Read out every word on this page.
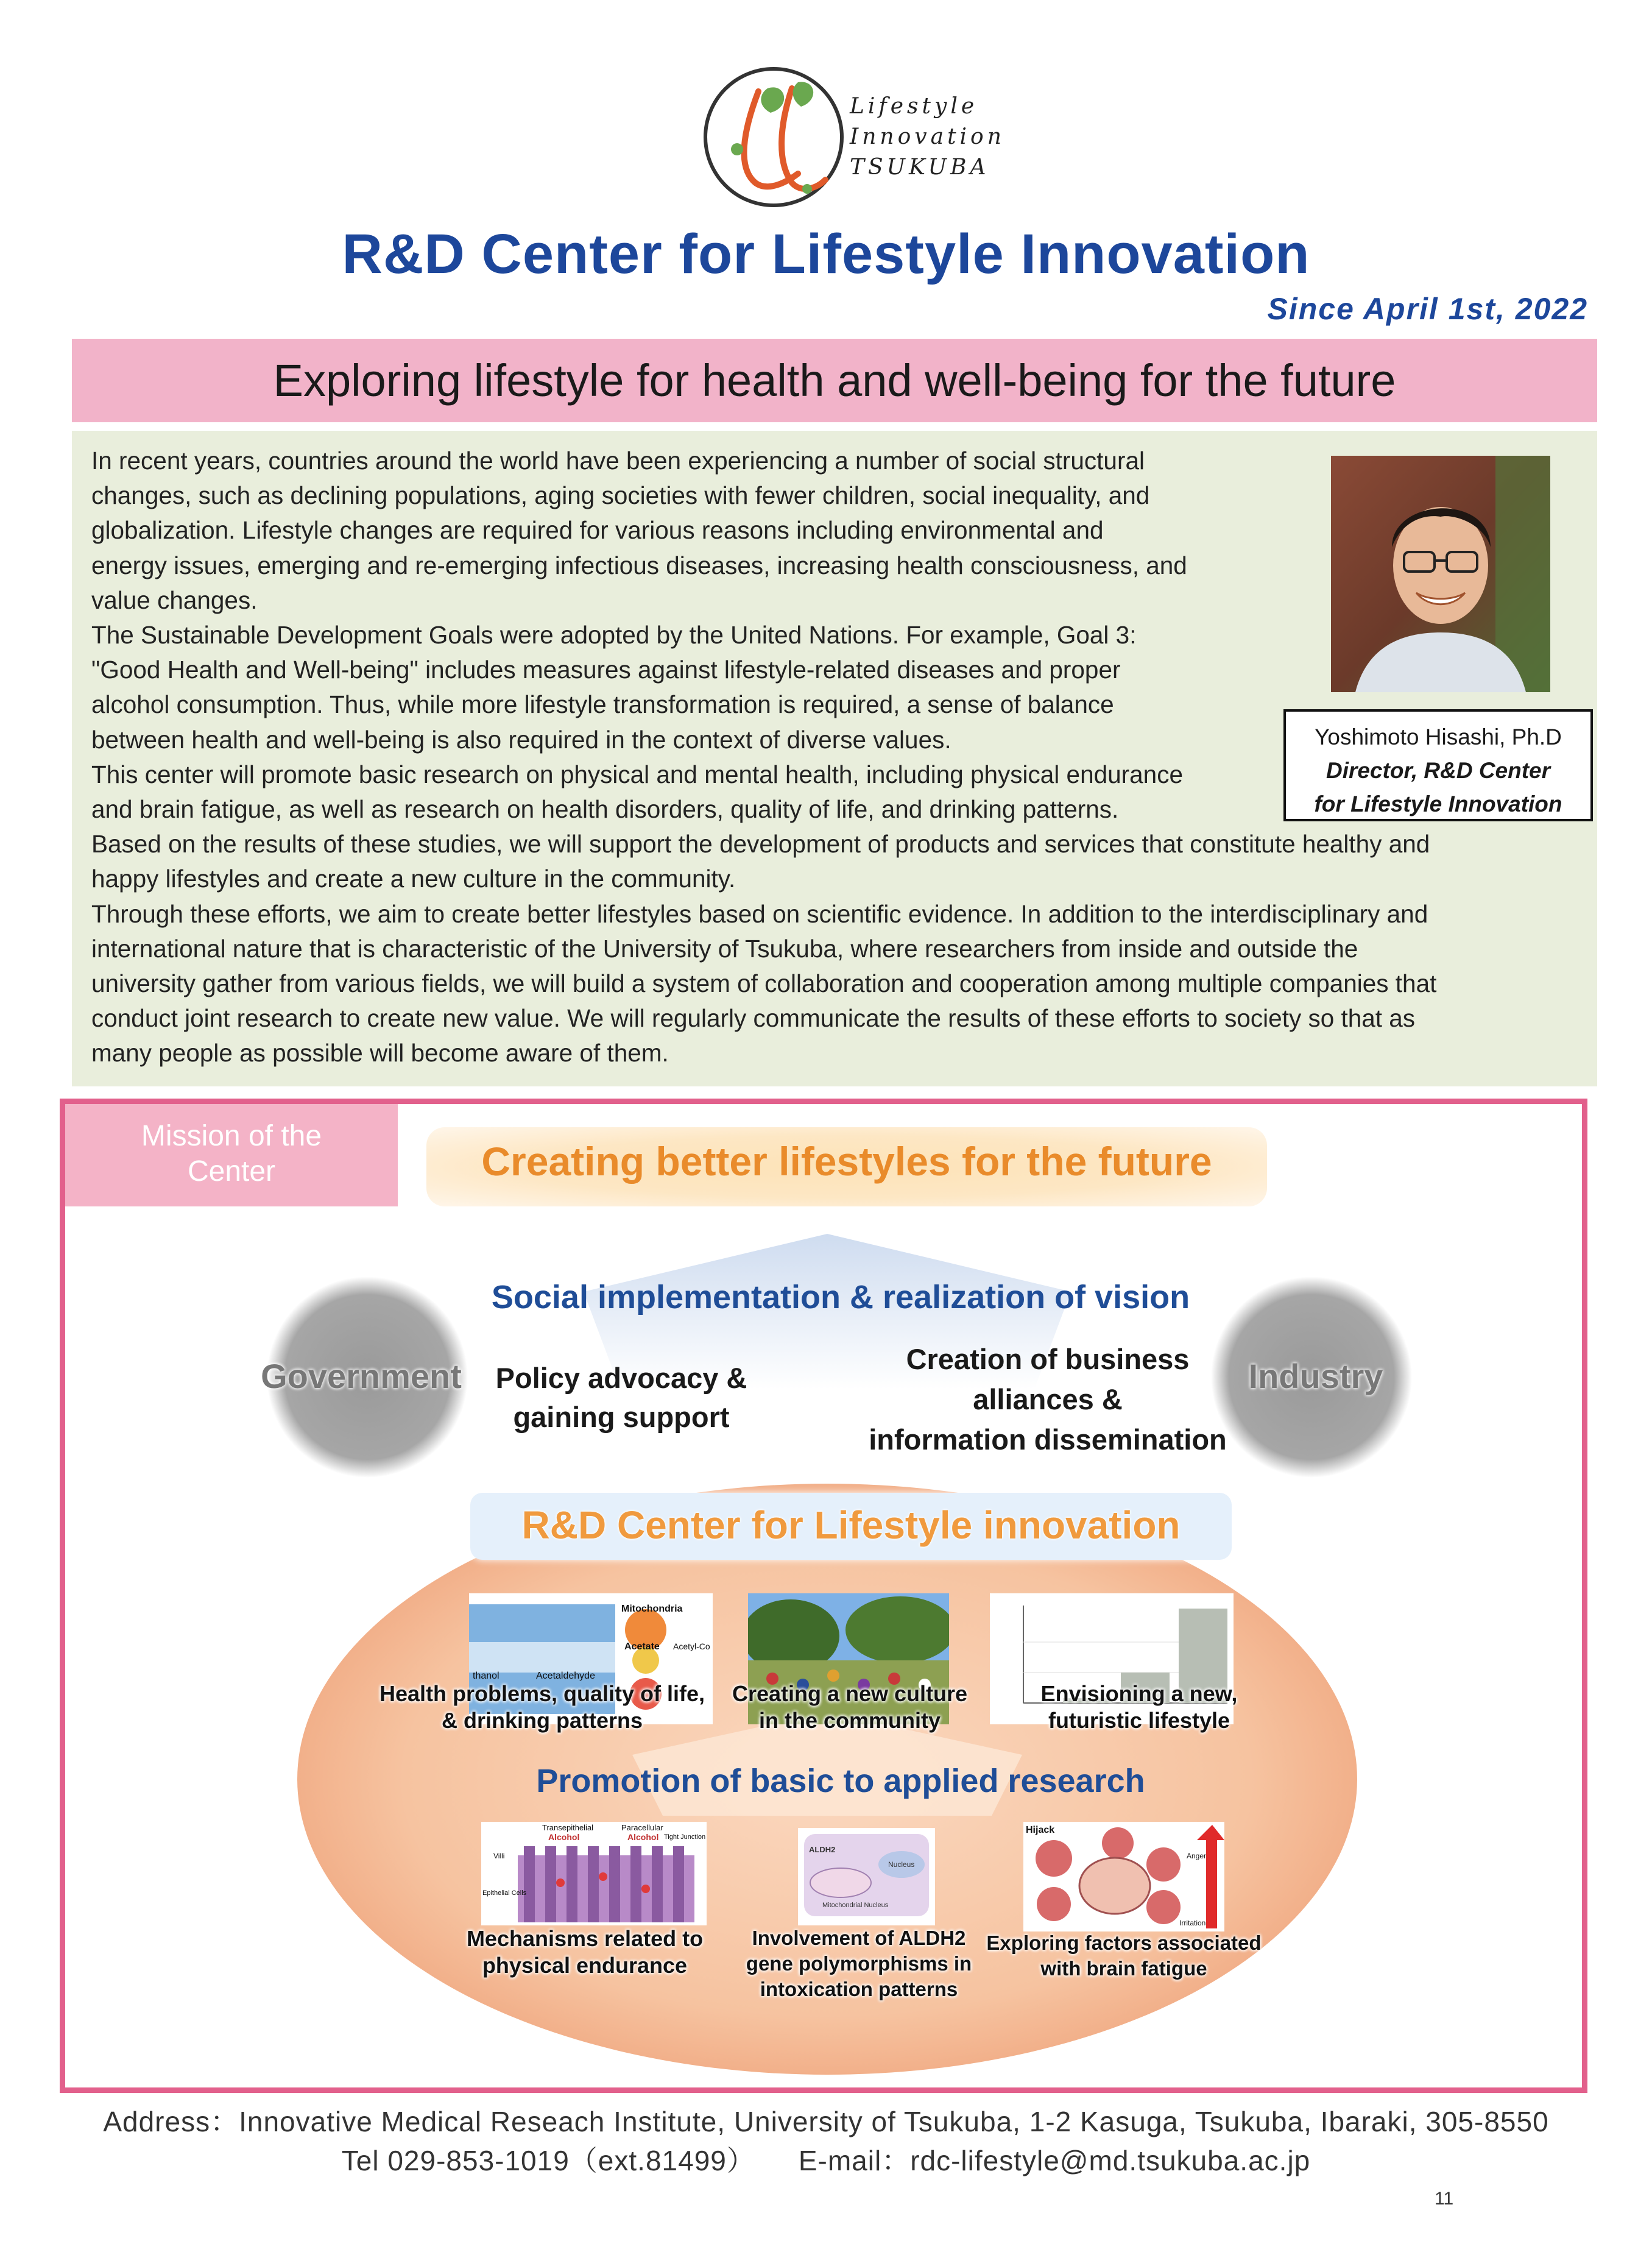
Lifestyle
Innovation
TSUKUBA
R&D Center for Lifestyle Innovation
Since April 1st, 2022
Exploring lifestyle for health and well-being for the future

In recent years, countries around the world have been experiencing a number of social structural

changes, such as declining populations, aging societies with fewer children, social inequality, and

globalization. Lifestyle changes are required for various reasons including environmental and

energy issues, emerging and re-emerging infectious diseases, increasing health consciousness, and

value changes.

The Sustainable Development Goals were adopted by the United Nations. For example, Goal 3:

"Good Health and Well-being" includes measures against lifestyle-related diseases and proper

alcohol consumption. Thus, while more lifestyle transformation is required, a sense of balance

between health and well-being is also required in the context of diverse values.

This center will promote basic research on physical and mental health, including physical endurance

and brain fatigue, as well as research on health disorders, quality of life, and drinking patterns.

Based on the results of these studies, we will support the development of products and services that constitute healthy and

happy lifestyles and create a new culture in the community.

Through these efforts, we aim to create better lifestyles based on scientific evidence. In addition to the interdisciplinary and

international nature that is characteristic of the University of Tsukuba, where researchers from inside and outside the

university gather from various fields, we will build a system of collaboration and cooperation among multiple companies that

conduct joint research to create new value. We will regularly communicate the results of these efforts to society so that as

many people as possible will become aware of them.

Yoshimoto Hisashi, Ph.D
Director, R&D Center
for Lifestyle Innovation
Mission of the
Center	Creating better lifestyles for the future
Social implementation & realization of vision
Government	Industry
Policy advocacy &
gaining support
Creation of business
alliances &
information dissemination
R&D Center for Lifestyle innovation
Mitochondria
Acetate Acetyl-Co
thanol	Acetaldehyde
Health problems, quality of life,
& drinking patterns
Creating a new culture
in the community
Envisioning a new,
futuristic lifestyle
Promotion of basic to applied research
Transepithelial	Paracellular
Alcohol	Alcohol
Villi
Epithelial Cells
Tight Junction
ALDH2
Nucleus
Mitochondrial Nucleus
Hijack
Anger
Irritation
Mechanisms related to
physical endurance
Involvement of ALDH2
gene polymorphisms in
intoxication patterns
Exploring factors associated
with brain fatigue
Address：Innovative Medical Reseach Institute, University of Tsukuba, 1-2 Kasuga, Tsukuba, Ibaraki, 305-8550
Tel 029-853-1019（ext.81499）　　E-mail：rdc-lifestyle@md.tsukuba.ac.jp
11
